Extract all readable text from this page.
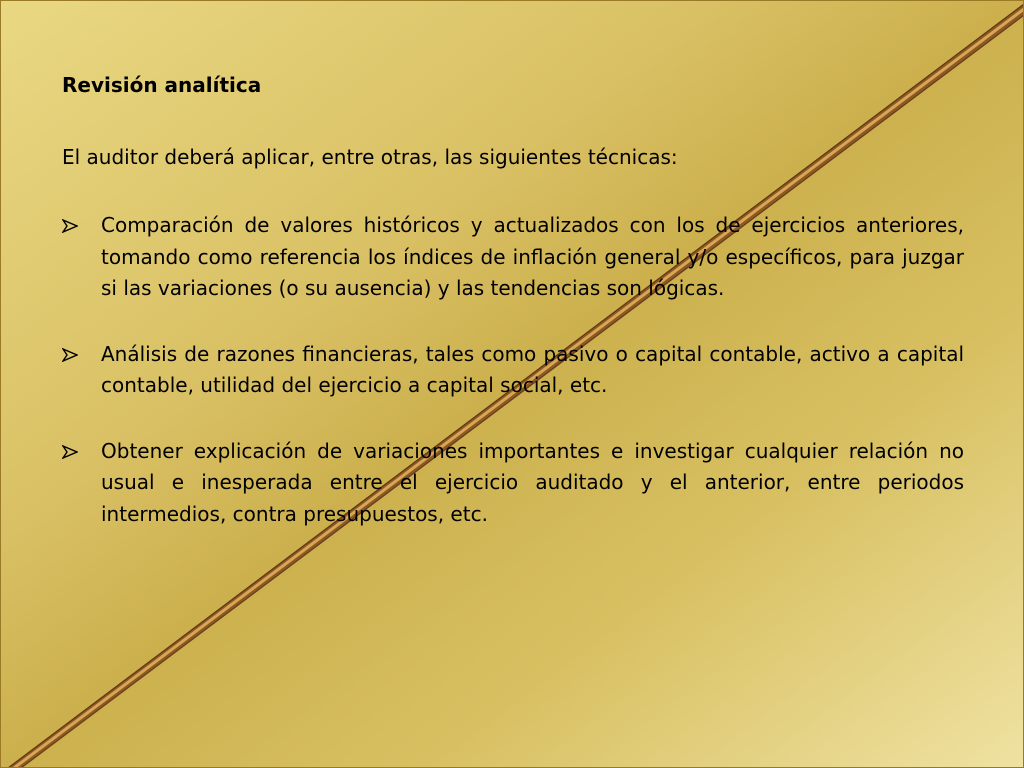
Revisión analítica
El auditor deberá aplicar, entre otras, las siguientes técnicas:
Comparación de valores históricos y actualizados con los de ejercicios anteriores, tomando como referencia los índices de inflación general y/o específicos, para juzgar si las variaciones (o su ausencia) y las tendencias son lógicas.
Análisis de razones financieras, tales como pasivo o capital contable, activo a capital contable, utilidad del ejercicio a capital social, etc.
Obtener explicación de variaciones importantes e investigar cualquier relación no usual e inesperada entre el ejercicio auditado y el anterior, entre periodos intermedios, contra presupuestos, etc.
